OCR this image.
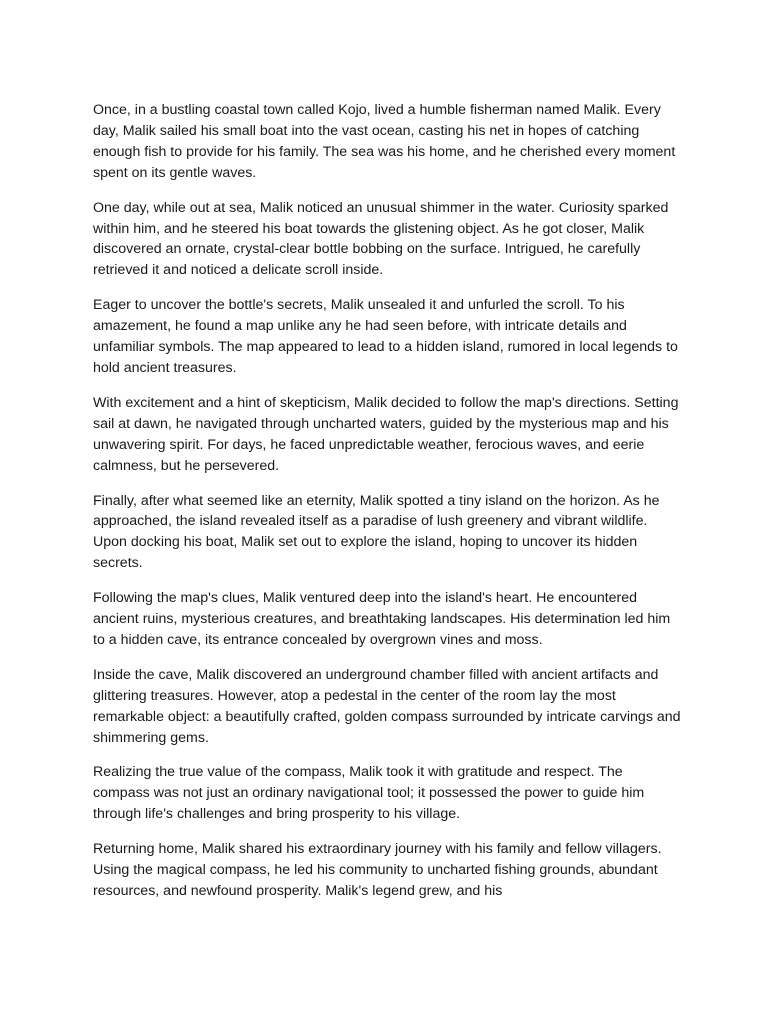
Once, in a bustling coastal town called Kojo, lived a humble fisherman named Malik. Every day, Malik sailed his small boat into the vast ocean, casting his net in hopes of catching enough fish to provide for his family. The sea was his home, and he cherished every moment spent on its gentle waves.

One day, while out at sea, Malik noticed an unusual shimmer in the water. Curiosity sparked within him, and he steered his boat towards the glistening object. As he got closer, Malik discovered an ornate, crystal-clear bottle bobbing on the surface. Intrigued, he carefully retrieved it and noticed a delicate scroll inside.

Eager to uncover the bottle's secrets, Malik unsealed it and unfurled the scroll. To his amazement, he found a map unlike any he had seen before, with intricate details and unfamiliar symbols. The map appeared to lead to a hidden island, rumored in local legends to hold ancient treasures.

With excitement and a hint of skepticism, Malik decided to follow the map's directions. Setting sail at dawn, he navigated through uncharted waters, guided by the mysterious map and his unwavering spirit. For days, he faced unpredictable weather, ferocious waves, and eerie calmness, but he persevered.

Finally, after what seemed like an eternity, Malik spotted a tiny island on the horizon. As he approached, the island revealed itself as a paradise of lush greenery and vibrant wildlife. Upon docking his boat, Malik set out to explore the island, hoping to uncover its hidden secrets.

Following the map's clues, Malik ventured deep into the island's heart. He encountered ancient ruins, mysterious creatures, and breathtaking landscapes. His determination led him to a hidden cave, its entrance concealed by overgrown vines and moss.

Inside the cave, Malik discovered an underground chamber filled with ancient artifacts and glittering treasures. However, atop a pedestal in the center of the room lay the most remarkable object: a beautifully crafted, golden compass surrounded by intricate carvings and shimmering gems.

Realizing the true value of the compass, Malik took it with gratitude and respect. The compass was not just an ordinary navigational tool; it possessed the power to guide him through life's challenges and bring prosperity to his village.

Returning home, Malik shared his extraordinary journey with his family and fellow villagers. Using the magical compass, he led his community to uncharted fishing grounds, abundant resources, and newfound prosperity. Malik's legend grew, and his
